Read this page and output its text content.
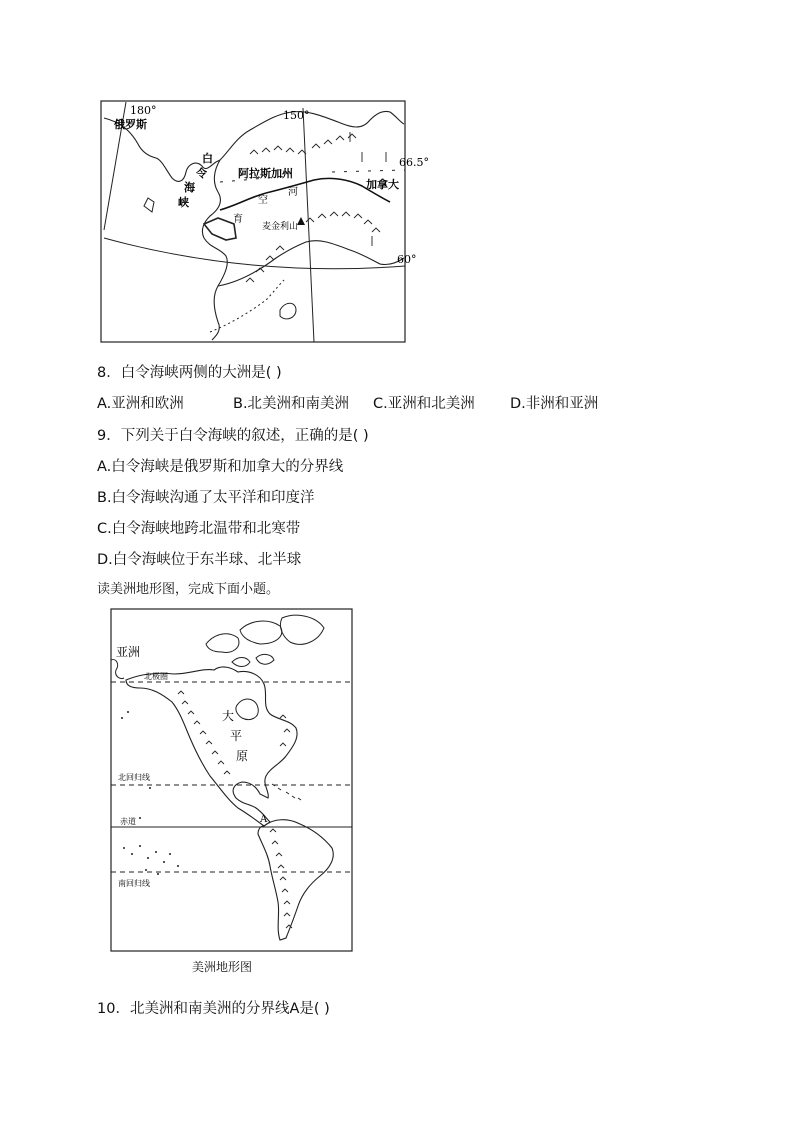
180°	150°
66.5°
60°
俄罗斯
白
令
海
峡
阿拉斯加州
加拿大
育
空
河
麦金利山
8．白令海峡两侧的大洲是( )
A.亚洲和欧洲	B.北美洲和南美洲 C.亚洲和北美洲 D.非洲和亚洲
9．下列关于白令海峡的叙述，正确的是( )
A.白令海峡是俄罗斯和加拿大的分界线
B.白令海峡沟通了太平洋和印度洋
C.白令海峡地跨北温带和北寒带
D.白令海峡位于东半球、北半球
读美洲地形图，完成下面小题。
亚洲
北极圈
大
平
原
北回归线
赤道	A
南回归线
美洲地形图
10．北美洲和南美洲的分界线A是( )
